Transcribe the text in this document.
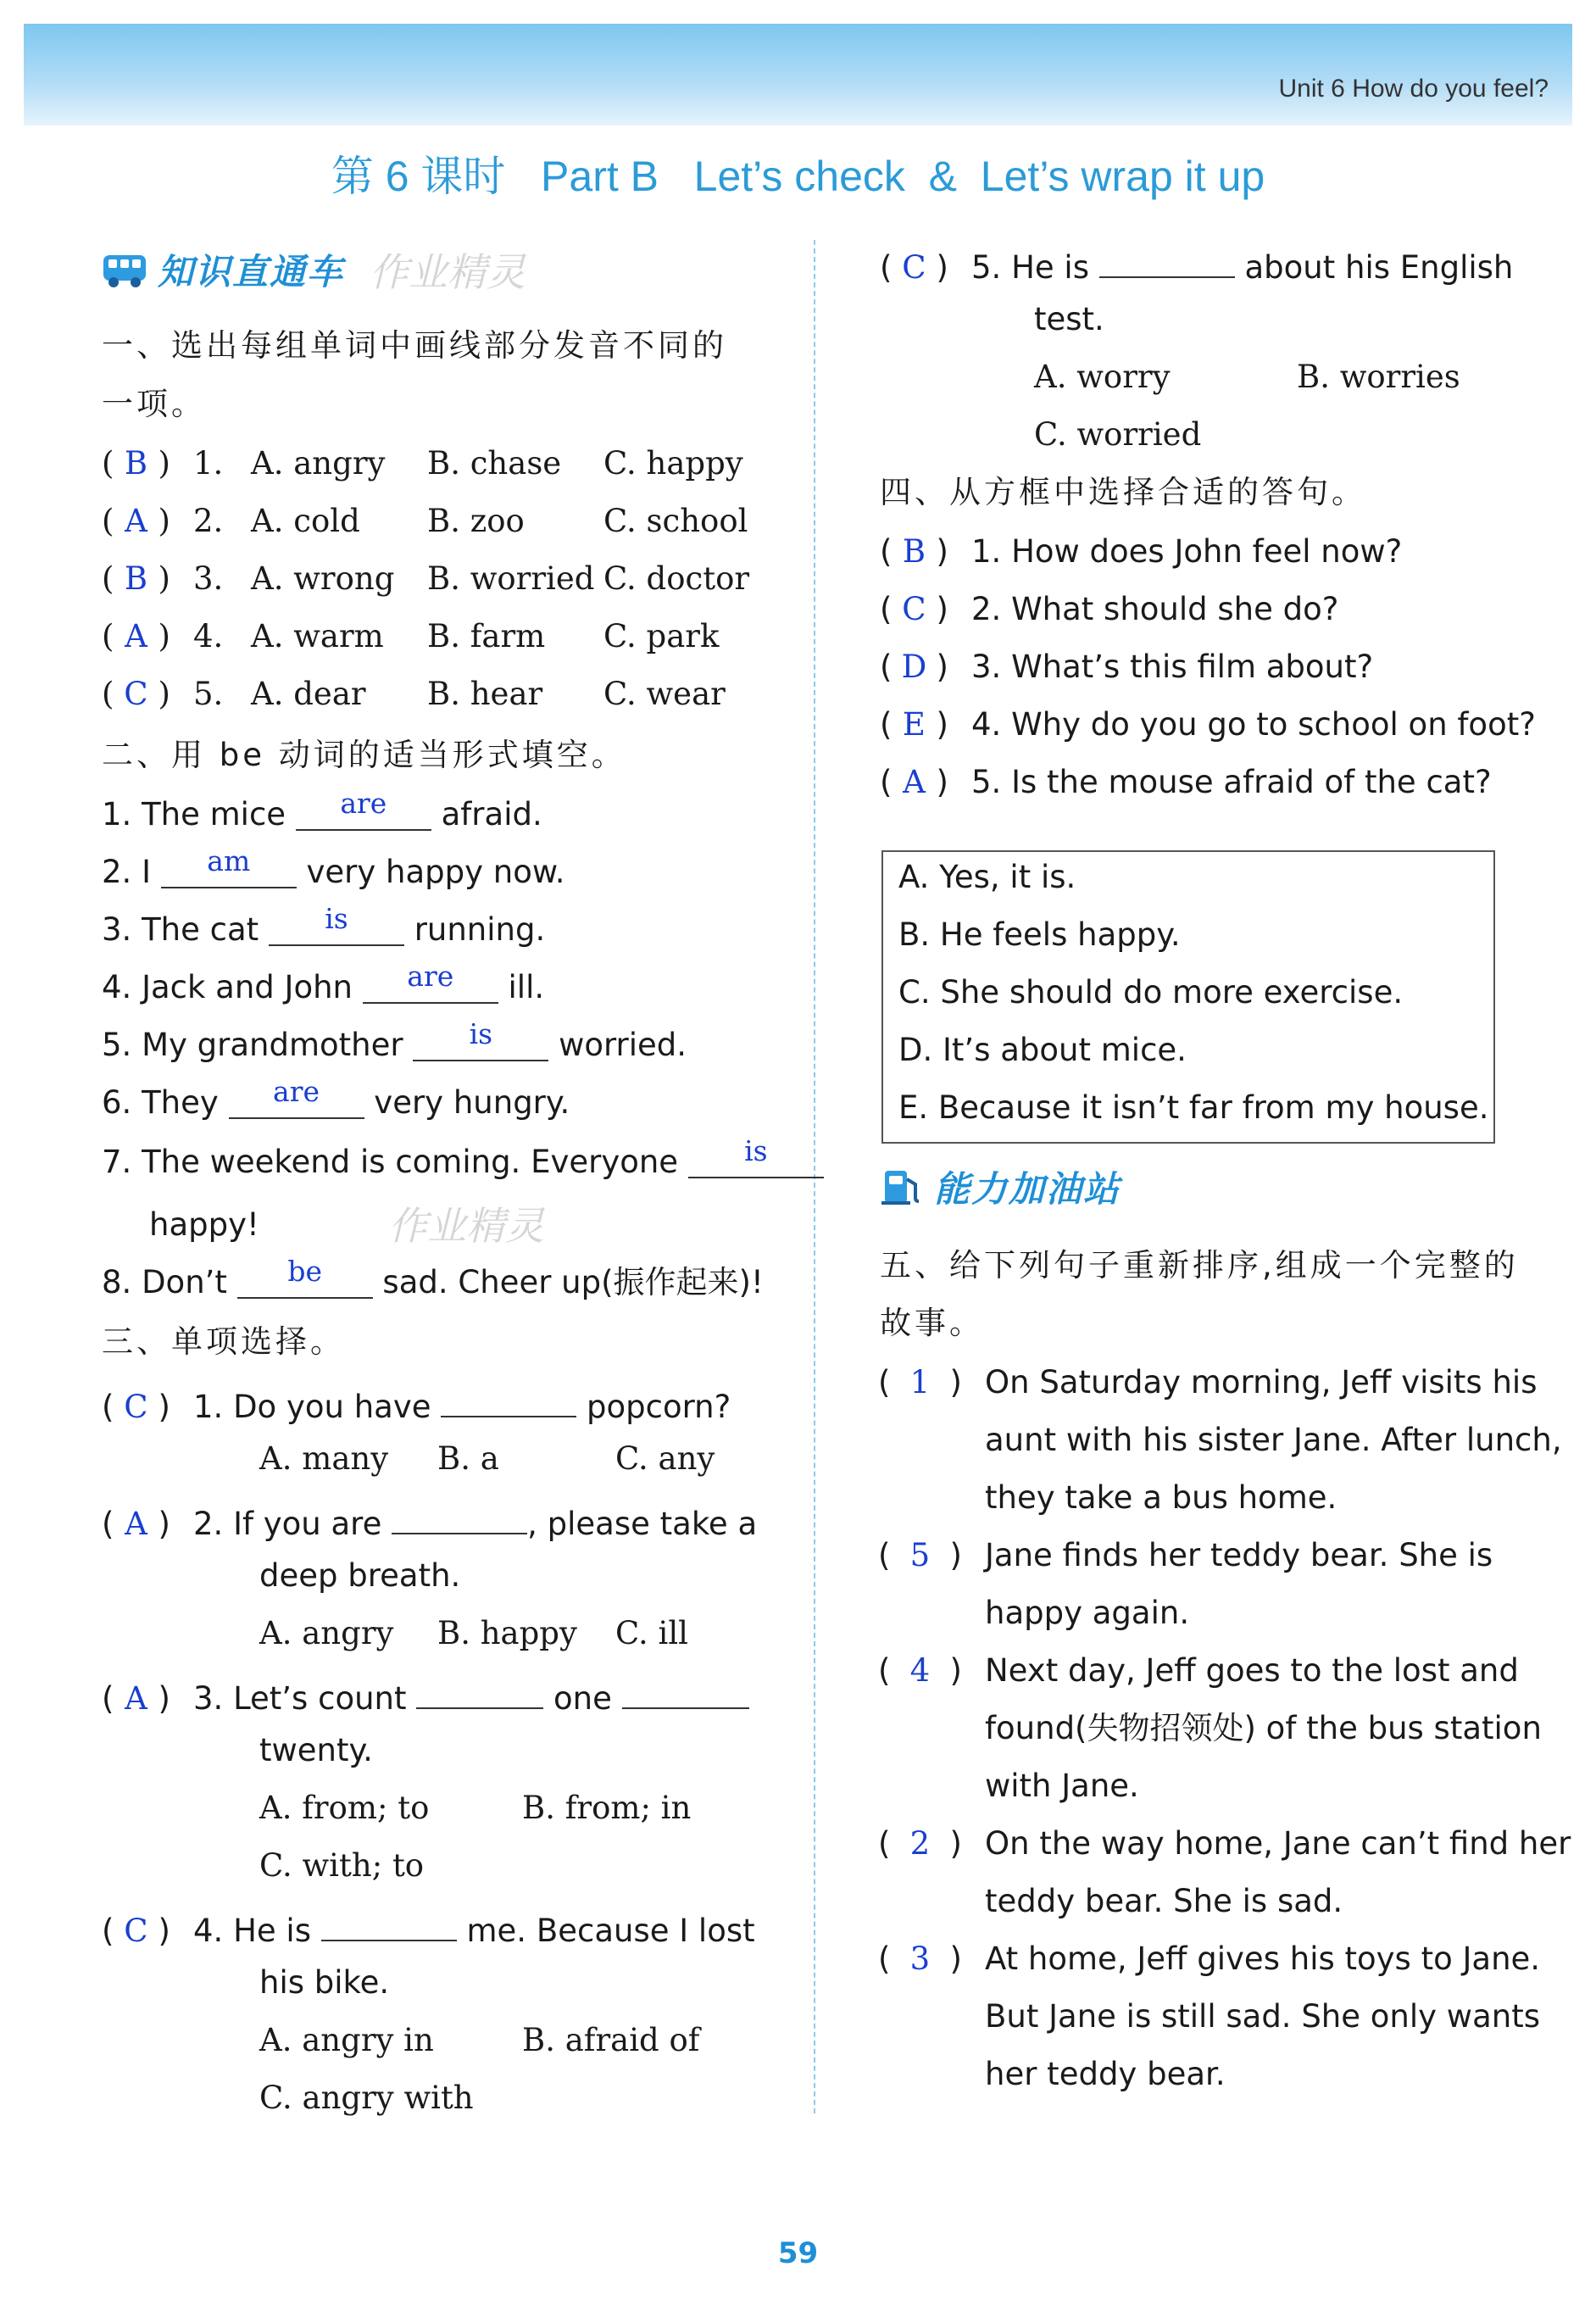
Unit 6 How do you feel?
第 6 课时   Part B   Let’s check  &  Let’s wrap it up
知识直通车 作业精灵
一、选出每组单词中画线部分发音不同的
一项。
二、用 be 动词的适当形式填空。
happy!	作业精灵
三、单项选择。
( C ) 1. Do you have	popcorn?
A. many B. a	C. any
( A ) 2. If you are	, please take a
deep breath.
A. angry B. happy C. ill
( A ) 3. Let’s count	one
twenty.
A. from; to	B. from; in
C. with; to
( C ) 4. He is	me. Because I lost
his bike.
A. angry in	B. afraid of
C. angry with
( C ) 5. He is	about his English
test.
A. worry	B. worries
C. worried
四、从方框中选择合适的答句。
能力加油站
五、给下列句子重新排序,组成一个完整的
故事。
59
( B ) 1. A. angry B. chase C. happy
( A ) 2. A. cold B. zoo	C. school
( B ) 3. A. wrong B. worried C. doctor
( A ) 4. A. warm B. farm C. park
( C ) 5. A. dear B. hear C. wear
1. The mice are afraid.
2. I am very happy now.
3. The cat is running.
4. Jack and John are ill.
5. My grandmother is worried.
6. They are very hungry.
7. The weekend is coming. Everyone is
8. Don’t be sad. Cheer up(振作起来)!
( B ) 1. How does John feel now?
( C ) 2. What should she do?
( D ) 3. What’s this film about?
( E ) 4. Why do you go to school on foot?
( A ) 5. Is the mouse afraid of the cat?
A. Yes, it is.
B. He feels happy.
C. She should do more exercise.
D. It’s about mice.
E. Because it isn’t far from my house.
( 1 ) On Saturday morning, Jeff visits his
aunt with his sister Jane. After lunch,
they take a bus home.
( 5 ) Jane finds her teddy bear. She is
happy again.
( 4 ) Next day, Jeff goes to the lost and
found(失物招领处) of the bus station
with Jane.
( 2 ) On the way home, Jane can’t find her
teddy bear. She is sad.
( 3 ) At home, Jeff gives his toys to Jane.
But Jane is still sad. She only wants
her teddy bear.
